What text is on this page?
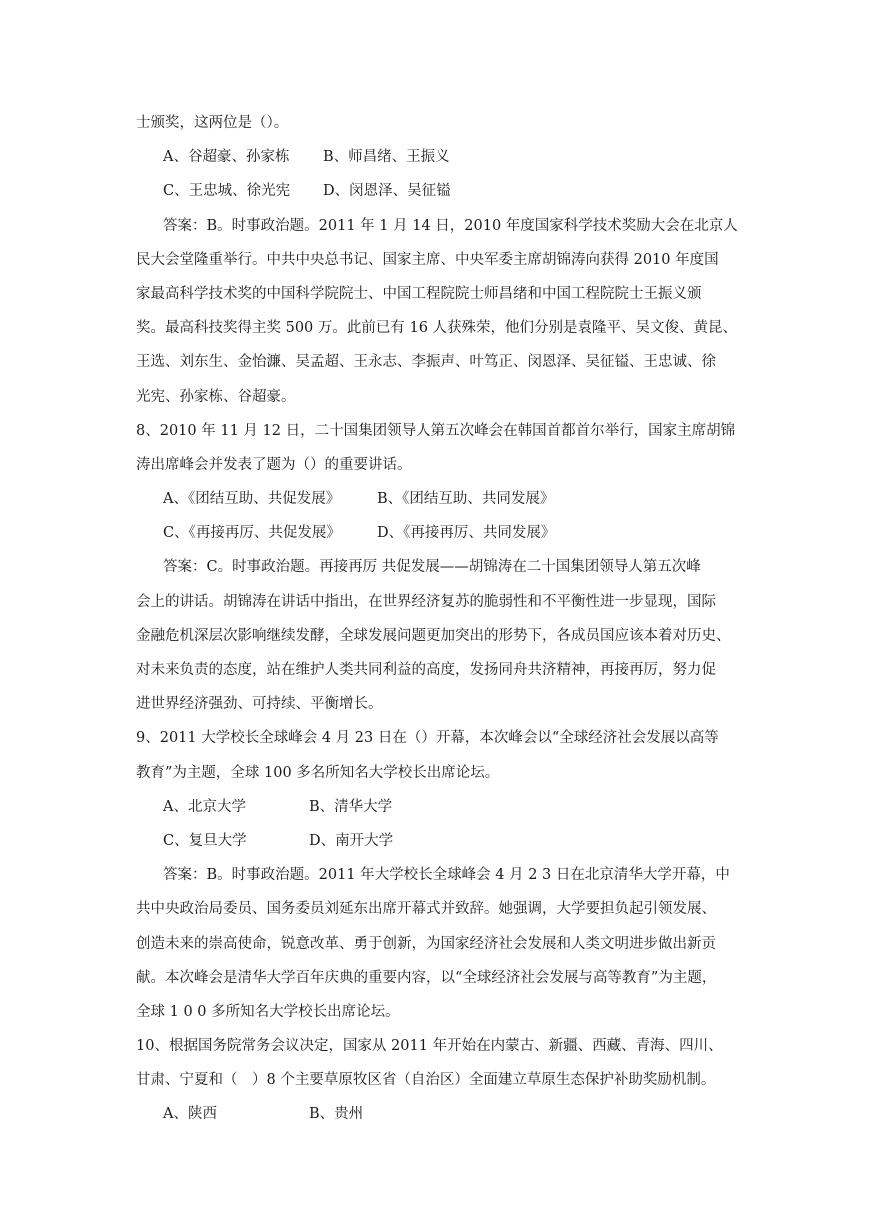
士颁奖，这两位是（）。
A、谷超豪、孙家栋	B、师昌绪、王振义
C、王忠城、徐光宪	D、闵恩泽、吴征镒
答案：B。时事政治题。2011 年 1 月 14 日，2010 年度国家科学技术奖励大会在北京人
民大会堂隆重举行。中共中央总书记、国家主席、中央军委主席胡锦涛向获得 2010 年度国
家最高科学技术奖的中国科学院院士、中国工程院院士师昌绪和中国工程院院士王振义颁
奖。最高科技奖得主奖 500 万。此前已有 16 人获殊荣，他们分别是袁隆平、吴文俊、黄昆、
王选、刘东生、金怡濂、吴孟超、王永志、李振声、叶笃正、闵恩泽、吴征镒、王忠诚、徐
光宪、孙家栋、谷超豪。
8、2010 年 11 月 12 日，二十国集团领导人第五次峰会在韩国首都首尔举行，国家主席胡锦
涛出席峰会并发表了题为（）的重要讲话。
A、《团结互助、共促发展》	B、《团结互助、共同发展》
C、《再接再厉、共促发展》	D、《再接再厉、共同发展》
答案：C。时事政治题。再接再厉 共促发展——胡锦涛在二十国集团领导人第五次峰
会上的讲话。胡锦涛在讲话中指出，在世界经济复苏的脆弱性和不平衡性进一步显现，国际
金融危机深层次影响继续发酵，全球发展问题更加突出的形势下，各成员国应该本着对历史、
对未来负责的态度，站在维护人类共同利益的高度，发扬同舟共济精神，再接再厉，努力促
进世界经济强劲、可持续、平衡增长。
9、2011 大学校长全球峰会 4 月 23 日在（）开幕，本次峰会以“全球经济社会发展以高等
教育”为主题，全球 100 多名所知名大学校长出席论坛。
A、北京大学	B、清华大学
C、复旦大学	D、南开大学
答案：B。时事政治题。2011 年大学校长全球峰会 4 月 2 3 日在北京清华大学开幕，中
共中央政治局委员、国务委员刘延东出席开幕式并致辞。她强调，大学要担负起引领发展、
创造未来的崇高使命，锐意改革、勇于创新，为国家经济社会发展和人类文明进步做出新贡
献。本次峰会是清华大学百年庆典的重要内容，以“全球经济社会发展与高等教育”为主题，
全球 1 0 0 多所知名大学校长出席论坛。
10、根据国务院常务会议决定，国家从 2011 年开始在内蒙古、新疆、西藏、青海、四川、
甘肃、宁夏和（　）8 个主要草原牧区省（自治区）全面建立草原生态保护补助奖励机制。
A、陕西	B、贵州
